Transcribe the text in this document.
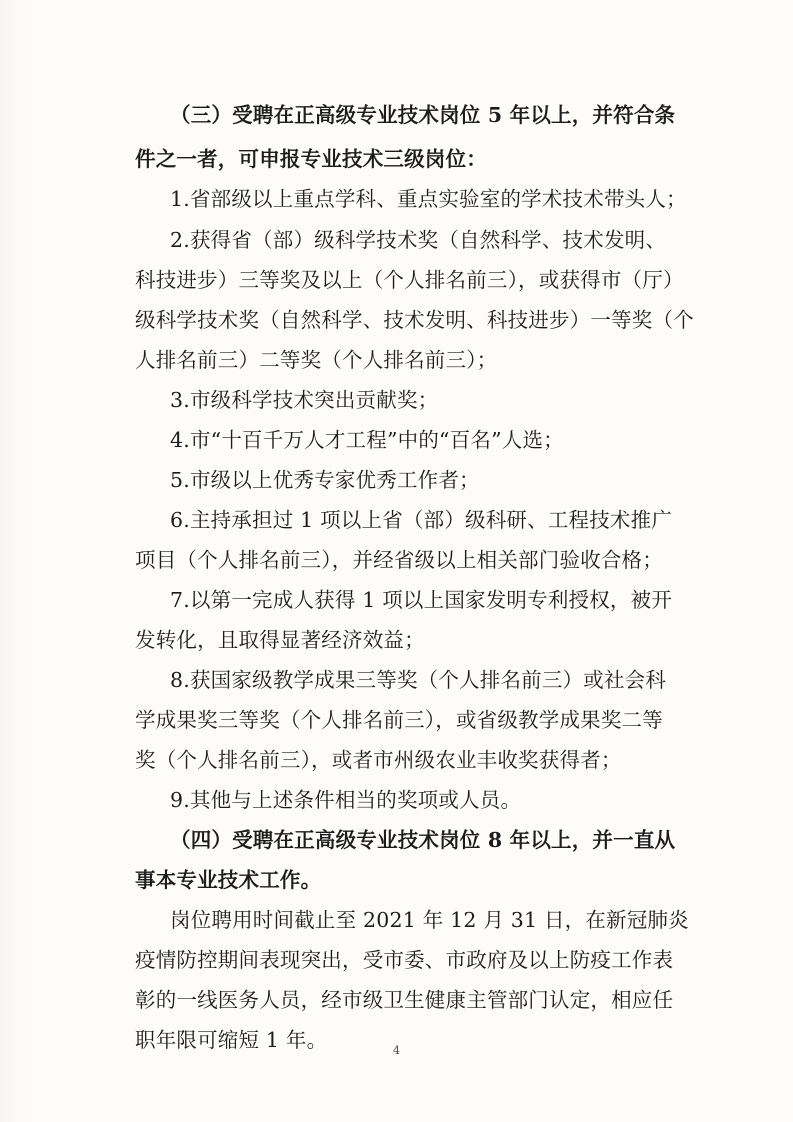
（三）受聘在正高级专业技术岗位 5 年以上，并符合条
件之一者，可申报专业技术三级岗位：
1.省部级以上重点学科、重点实验室的学术技术带头人；
2.获得省（部）级科学技术奖（自然科学、技术发明、
科技进步）三等奖及以上（个人排名前三），或获得市（厅）
级科学技术奖（自然科学、技术发明、科技进步）一等奖（个
人排名前三）二等奖（个人排名前三）；
3.市级科学技术突出贡献奖；
4.市“十百千万人才工程”中的“百名”人选；
5.市级以上优秀专家优秀工作者；
6.主持承担过 1 项以上省（部）级科研、工程技术推广
项目（个人排名前三），并经省级以上相关部门验收合格；
7.以第一完成人获得 1 项以上国家发明专利授权，被开
发转化，且取得显著经济效益；
8.获国家级教学成果三等奖（个人排名前三）或社会科
学成果奖三等奖（个人排名前三），或省级教学成果奖二等
奖（个人排名前三），或者市州级农业丰收奖获得者；
9.其他与上述条件相当的奖项或人员。
（四）受聘在正高级专业技术岗位 8 年以上，并一直从
事本专业技术工作。
岗位聘用时间截止至 2021 年 12 月 31 日，在新冠肺炎
疫情防控期间表现突出，受市委、市政府及以上防疫工作表
彰的一线医务人员，经市级卫生健康主管部门认定，相应任
职年限可缩短 1 年。	4
